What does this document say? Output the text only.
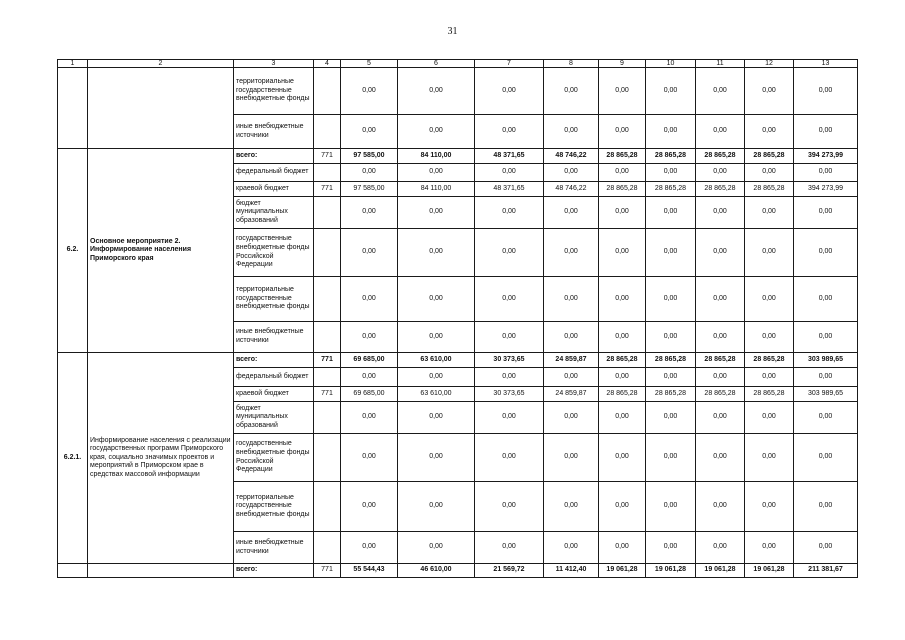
31
1	2	3	4	5	6	7	8	9	10	11	12	13
		территориальные государственные внебюджетные фонды		0,00	0,00	0,00	0,00	0,00	0,00	0,00	0,00	0,00
		иные внебюджетные источники		0,00	0,00	0,00	0,00	0,00	0,00	0,00	0,00	0,00
6.2.	Основное мероприятие 2. Информирование населения Приморского края	всего:	771	97 585,00	84 110,00	48 371,65	48 746,22	28 865,28	28 865,28	28 865,28	28 865,28	394 273,99
		федеральный бюджет		0,00	0,00	0,00	0,00	0,00	0,00	0,00	0,00	0,00
		краевой бюджет	771	97 585,00	84 110,00	48 371,65	48 746,22	28 865,28	28 865,28	28 865,28	28 865,28	394 273,99
		бюджет муниципальных образований		0,00	0,00	0,00	0,00	0,00	0,00	0,00	0,00	0,00
		государственные внебюджетные фонды Российской Федерации		0,00	0,00	0,00	0,00	0,00	0,00	0,00	0,00	0,00
		территориальные государственные внебюджетные фонды		0,00	0,00	0,00	0,00	0,00	0,00	0,00	0,00	0,00
		иные внебюджетные источники		0,00	0,00	0,00	0,00	0,00	0,00	0,00	0,00	0,00
6.2.1.	Информирование населения с реализации государственных программ Приморского края, социально значимых проектов и мероприятий в Приморском крае в средствах массовой информации	всего:	771	69 685,00	63 610,00	30 373,65	24 859,87	28 865,28	28 865,28	28 865,28	28 865,28	303 989,65
		федеральный бюджет		0,00	0,00	0,00	0,00	0,00	0,00	0,00	0,00	0,00
		краевой бюджет	771	69 685,00	63 610,00	30 373,65	24 859,87	28 865,28	28 865,28	28 865,28	28 865,28	303 989,65
		бюджет муниципальных образований		0,00	0,00	0,00	0,00	0,00	0,00	0,00	0,00	0,00
		государственные внебюджетные фонды Российской Федерации		0,00	0,00	0,00	0,00	0,00	0,00	0,00	0,00	0,00
		территориальные государственные внебюджетные фонды		0,00	0,00	0,00	0,00	0,00	0,00	0,00	0,00	0,00
		иные внебюджетные источники		0,00	0,00	0,00	0,00	0,00	0,00	0,00	0,00	0,00
		всего:	771	55 544,43	46 610,00	21 569,72	11 412,40	19 061,28	19 061,28	19 061,28	19 061,28	211 381,67
